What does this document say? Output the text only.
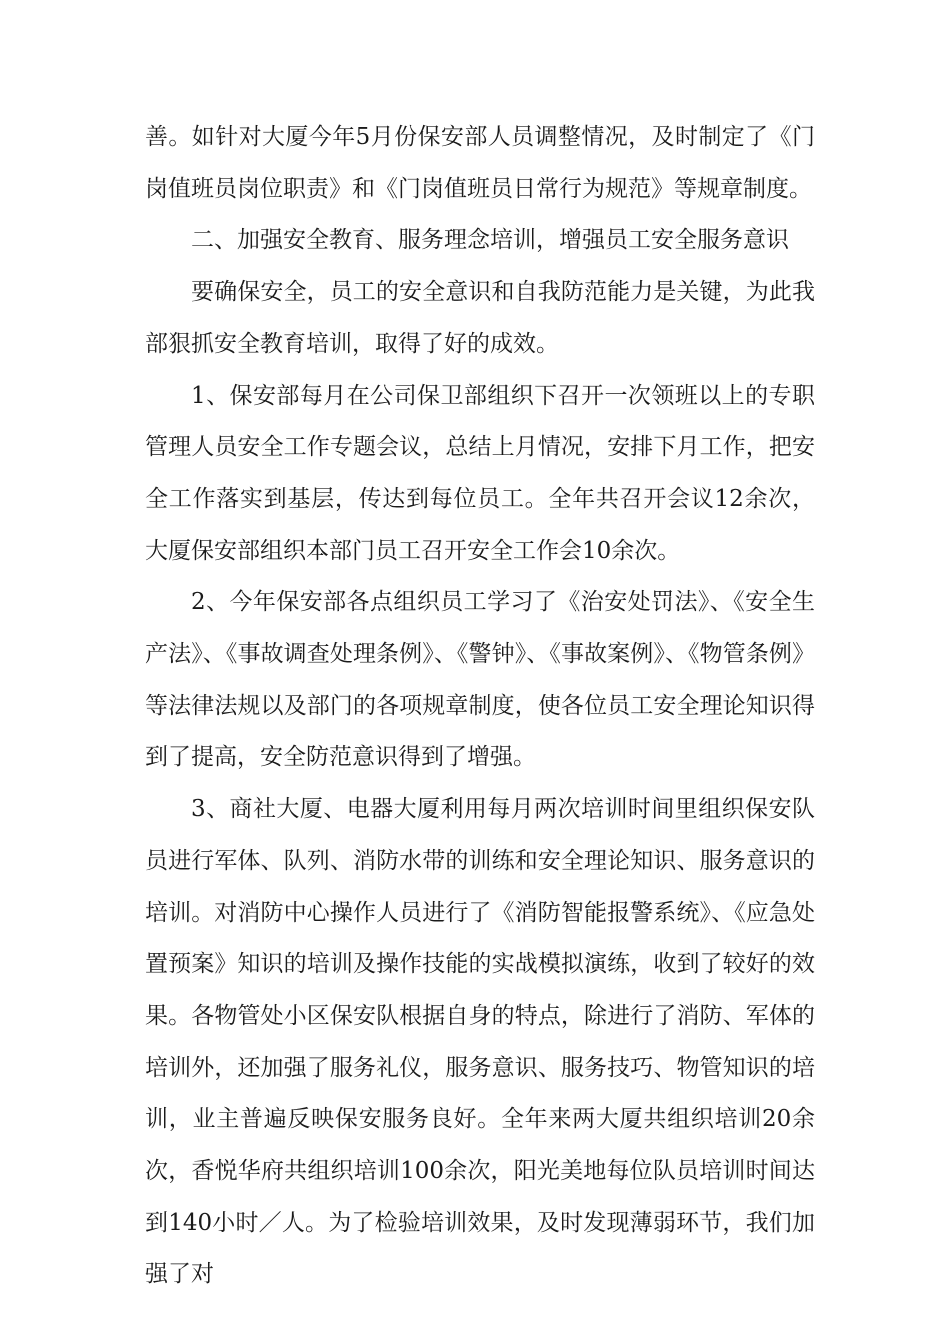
善。如针对大厦今年5月份保安部人员调整情况，及时制定了《门岗值班员岗位职责》和《门岗值班员日常行为规范》等规章制度。

二、加强安全教育、服务理念培训，增强员工安全服务意识

要确保安全，员工的安全意识和自我防范能力是关键，为此我部狠抓安全教育培训，取得了好的成效。

1、保安部每月在公司保卫部组织下召开一次领班以上的专职管理人员安全工作专题会议，总结上月情况，安排下月工作，把安全工作落实到基层，传达到每位员工。全年共召开会议12余次，大厦保安部组织本部门员工召开安全工作会10余次。

2、今年保安部各点组织员工学习了《治安处罚法》、《安全生产法》、《事故调查处理条例》、《警钟》、《事故案例》、《物管条例》等法律法规以及部门的各项规章制度，使各位员工安全理论知识得到了提高，安全防范意识得到了增强。

3、商社大厦、电器大厦利用每月两次培训时间里组织保安队员进行军体、队列、消防水带的训练和安全理论知识、服务意识的培训。对消防中心操作人员进行了《消防智能报警系统》、《应急处置预案》知识的培训及操作技能的实战模拟演练，收到了较好的效果。各物管处小区保安队根据自身的特点，除进行了消防、军体的培训外，还加强了服务礼仪，服务意识、服务技巧、物管知识的培训，业主普遍反映保安服务良好。全年来两大厦共组织培训20余次，香悦华府共组织培训100余次，阳光美地每位队员培训时间达到140小时／人。为了检验培训效果，及时发现薄弱环节，我们加强了对
